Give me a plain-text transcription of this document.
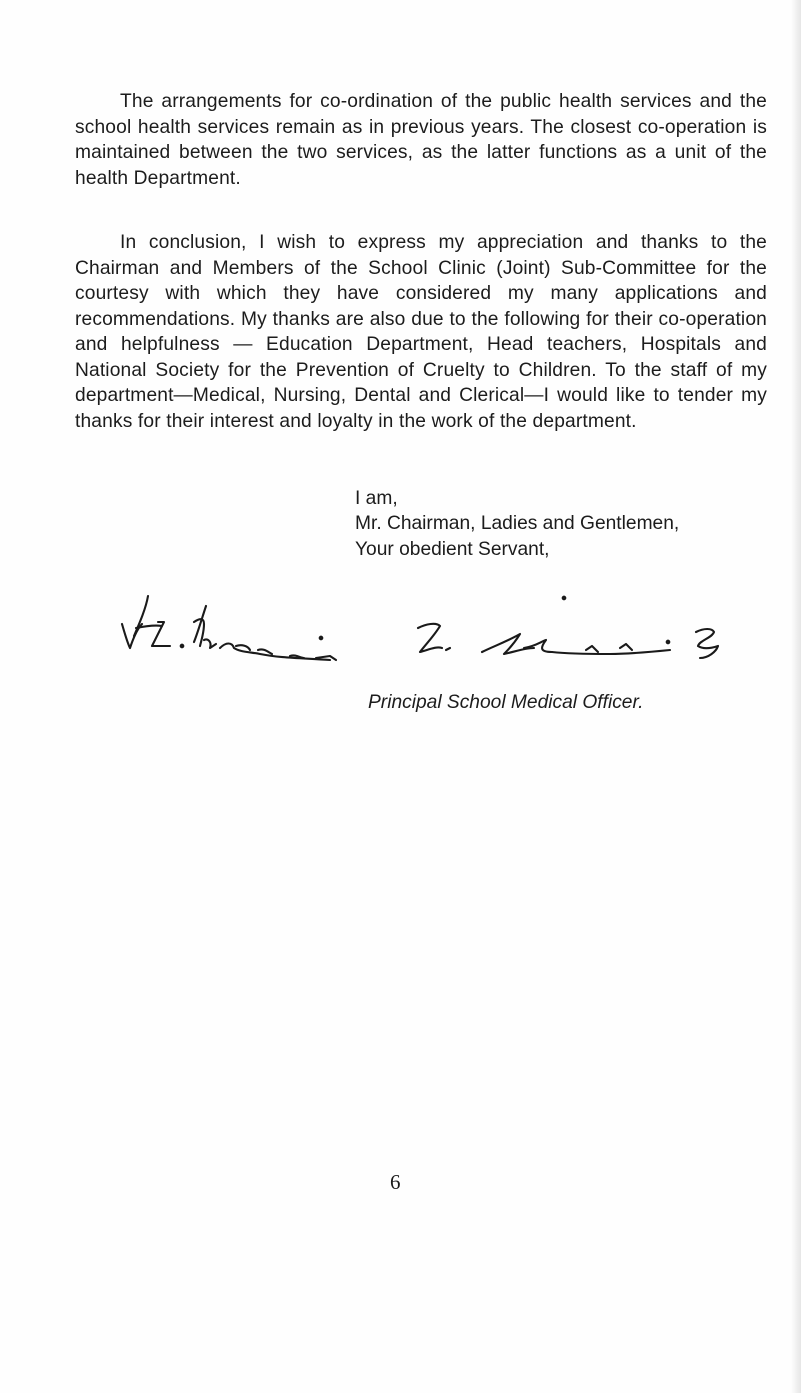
The arrangements for co-ordination of the public health services and the school health services remain as in previous years. The closest co-operation is maintained between the two services, as the latter functions as a unit of the health Department.

In conclusion, I wish to express my appreciation and thanks to the Chairman and Members of the School Clinic (Joint) Sub-Committee for the courtesy with which they have considered my many applications and recommendations. My thanks are also due to the following for their co-operation and helpfulness — Education Department, Head teachers, Hospitals and National Society for the Prevention of Cruelty to Children. To the staff of my department—Medical, Nursing, Dental and Clerical—I would like to tender my thanks for their interest and loyalty in the work of the department.

I am,
Mr. Chairman, Ladies and Gentlemen,
Your obedient Servant,
Principal School Medical Officer.
6
